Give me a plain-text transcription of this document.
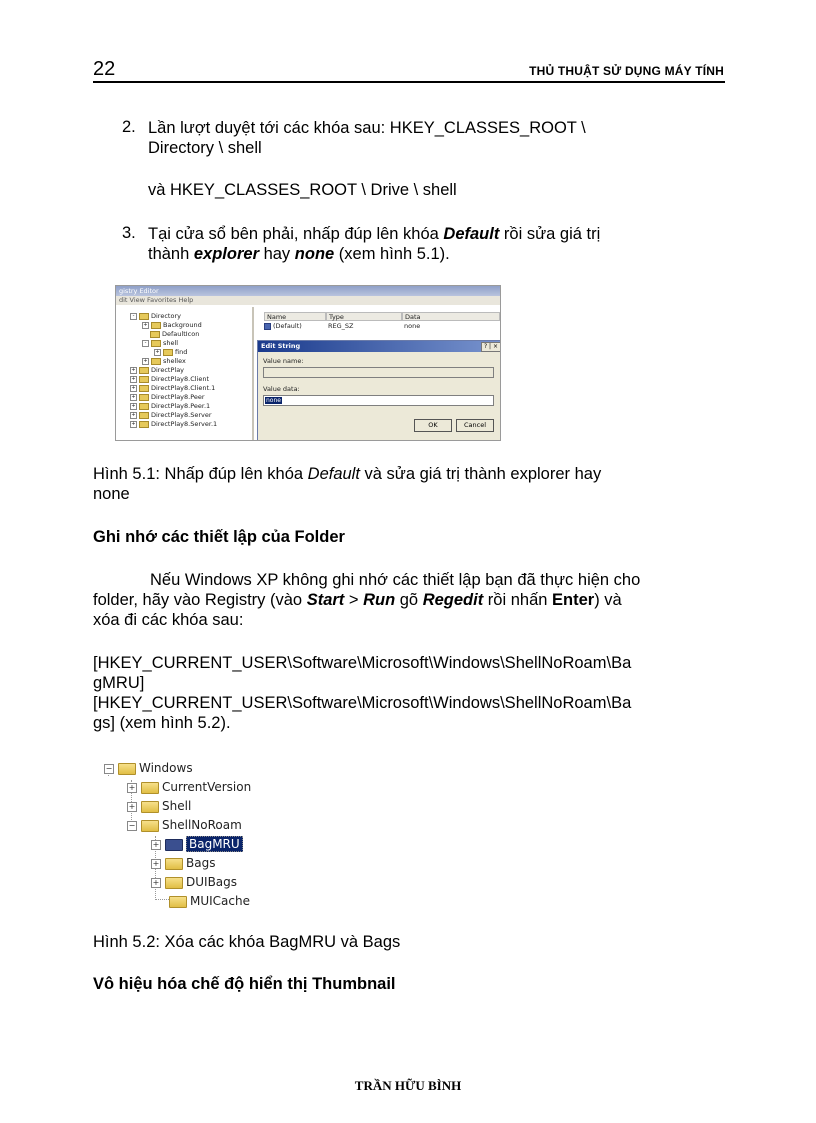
22	THỦ THUẬT SỬ DỤNG MÁY TÍNH
2. Lần lượt duyệt tới các khóa sau: HKEY_CLASSES_ROOT \
Directory \ shell
và HKEY_CLASSES_ROOT \ Drive \ shell
3. Tại cửa sổ bên phải, nhấp đúp lên khóa Default rồi sửa giá trị
thành explorer hay none (xem hình 5.1).
gistry Editor
dit View Favorites Help
-	Directory
+ Background
DefaultIcon
-	shell
+ find
+ shellex
+ DirectPlay
+ DirectPlay8.Client
+ DirectPlay8.Client.1
+ DirectPlay8.Peer
+ DirectPlay8.Peer.1
+ DirectPlay8.Server
+ DirectPlay8.Server.1
Name	Type	Data
(Default)	REG_SZ	none
Edit String	? | ×
Value name:
Value data:
none
OK	Cancel
Hình 5.1: Nhấp đúp lên khóa Default và sửa giá trị thành explorer hay
none
Ghi nhớ các thiết lập của Folder
Nếu Windows XP không ghi nhớ các thiết lập bạn đã thực hiện cho
folder, hãy vào Registry (vào Start > Run gõ Regedit rồi nhấn Enter) và
xóa đi các khóa sau:
[HKEY_CURRENT_USER\Software\Microsoft\Windows\ShellNoRoam\Ba
gMRU]
[HKEY_CURRENT_USER\Software\Microsoft\Windows\ShellNoRoam\Ba
gs] (xem hình 5.2).
− Windows
+ CurrentVersion
+ Shell
− ShellNoRoam
+ BagMRU
+ Bags
+ DUIBags
MUICache
Hình 5.2: Xóa các khóa BagMRU và Bags
Vô hiệu hóa chế độ hiển thị Thumbnail
TRẦN HỮU BÌNH
